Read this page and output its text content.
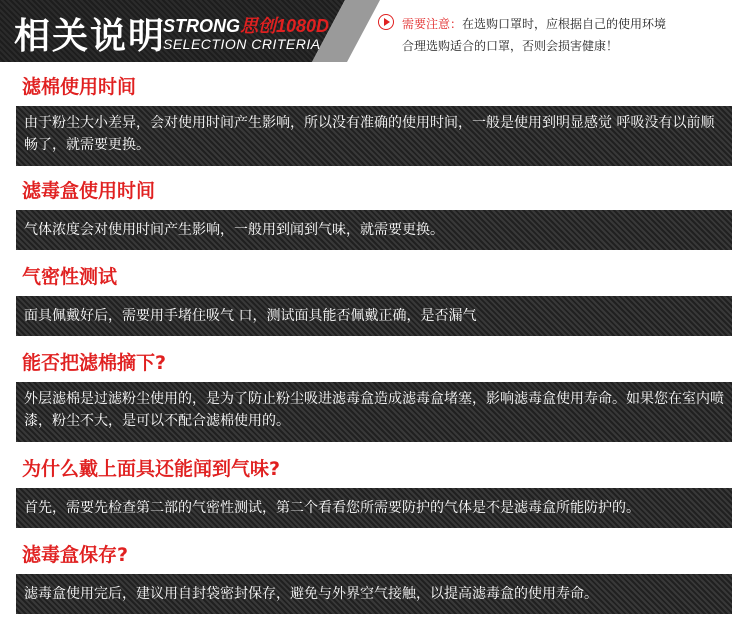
相关说明
STRONG思创1080D
SELECTION CRITERIA
需要注意：在选购口罩时，应根据自己的使用环境
合理选购适合的口罩，否则会损害健康！
滤棉使用时间
由于粉尘大小差异，会对使用时间产生影响，所以没有准确的使用时间，一般是使用到明显感觉 呼吸没有以前顺畅了，就需要更换。
滤毒盒使用时间
气体浓度会对使用时间产生影响，一般用到闻到气味，就需要更换。
气密性测试
面具佩戴好后，需要用手堵住吸气 口，测试面具能否佩戴正确，是否漏气
能否把滤棉摘下?
外层滤棉是过滤粉尘使用的，是为了防止粉尘吸进滤毒盒造成滤毒盒堵塞，影响滤毒盒使用寿命。如果您在室内喷漆，粉尘不大，是可以不配合滤棉使用的。
为什么戴上面具还能闻到气味?
首先，需要先检查第二部的气密性测试，第二个看看您所需要防护的气体是不是滤毒盒所能防护的。
滤毒盒保存?
滤毒盒使用完后，建议用自封袋密封保存，避免与外界空气接触，以提高滤毒盒的使用寿命。
